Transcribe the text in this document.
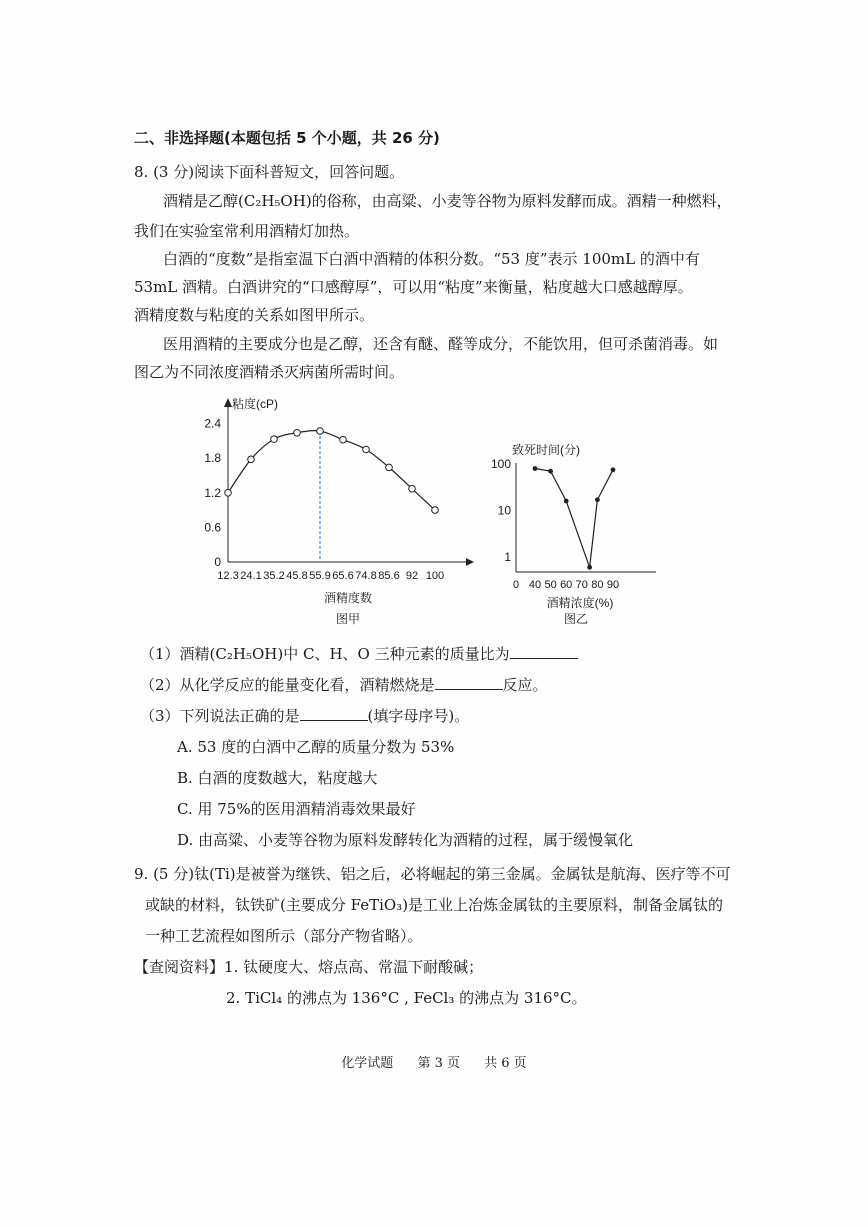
二、非选择题(本题包括 5 个小题，共 26 分)
8. (3 分)阅读下面科普短文，回答问题。
酒精是乙醇(C₂H₅OH)的俗称，由高粱、小麦等谷物为原料发酵而成。酒精一种燃料，
我们在实验室常利用酒精灯加热。
白酒的“度数”是指室温下白酒中酒精的体积分数。“53 度”表示 100mL 的酒中有
53mL 酒精。白酒讲究的“口感醇厚”，可以用“粘度”来衡量，粘度越大口感越醇厚。
酒精度数与粘度的关系如图甲所示。
医用酒精的主要成分也是乙醇，还含有醚、醛等成分，不能饮用，但可杀菌消毒。如
图乙为不同浓度酒精杀灭病菌所需时间。
粘度(cP)
0
0.6
1.2
1.8
2.4
12.3 24.1 35.2 45.8 55.9 65.6 74.8 85.6 92 100
酒精度数
图甲
致死时间(分)
1
10
100
0 40 50 60 70 80 90
酒精浓度(%)
图乙
（1）酒精(C₂H₅OH)中 C、H、O 三种元素的质量比为
（2）从化学反应的能量变化看，酒精燃烧是	反应。
（3）下列说法正确的是	(填字母序号)。
A. 53 度的白酒中乙醇的质量分数为 53%
B. 白酒的度数越大，粘度越大
C. 用 75%的医用酒精消毒效果最好
D. 由高粱、小麦等谷物为原料发酵转化为酒精的过程，属于缓慢氧化
9. (5 分)钛(Ti)是被誉为继铁、铝之后，必将崛起的第三金属。金属钛是航海、医疗等不可
或缺的材料，钛铁矿(主要成分 FeTiO₃)是工业上冶炼金属钛的主要原料，制备金属钛的
一种工艺流程如图所示（部分产物省略）。
【查阅资料】1. 钛硬度大、熔点高、常温下耐酸碱；
2. TiCl₄ 的沸点为 136°C , FeCl₃ 的沸点为 316°C。
化学试题 第 3 页 共 6 页
